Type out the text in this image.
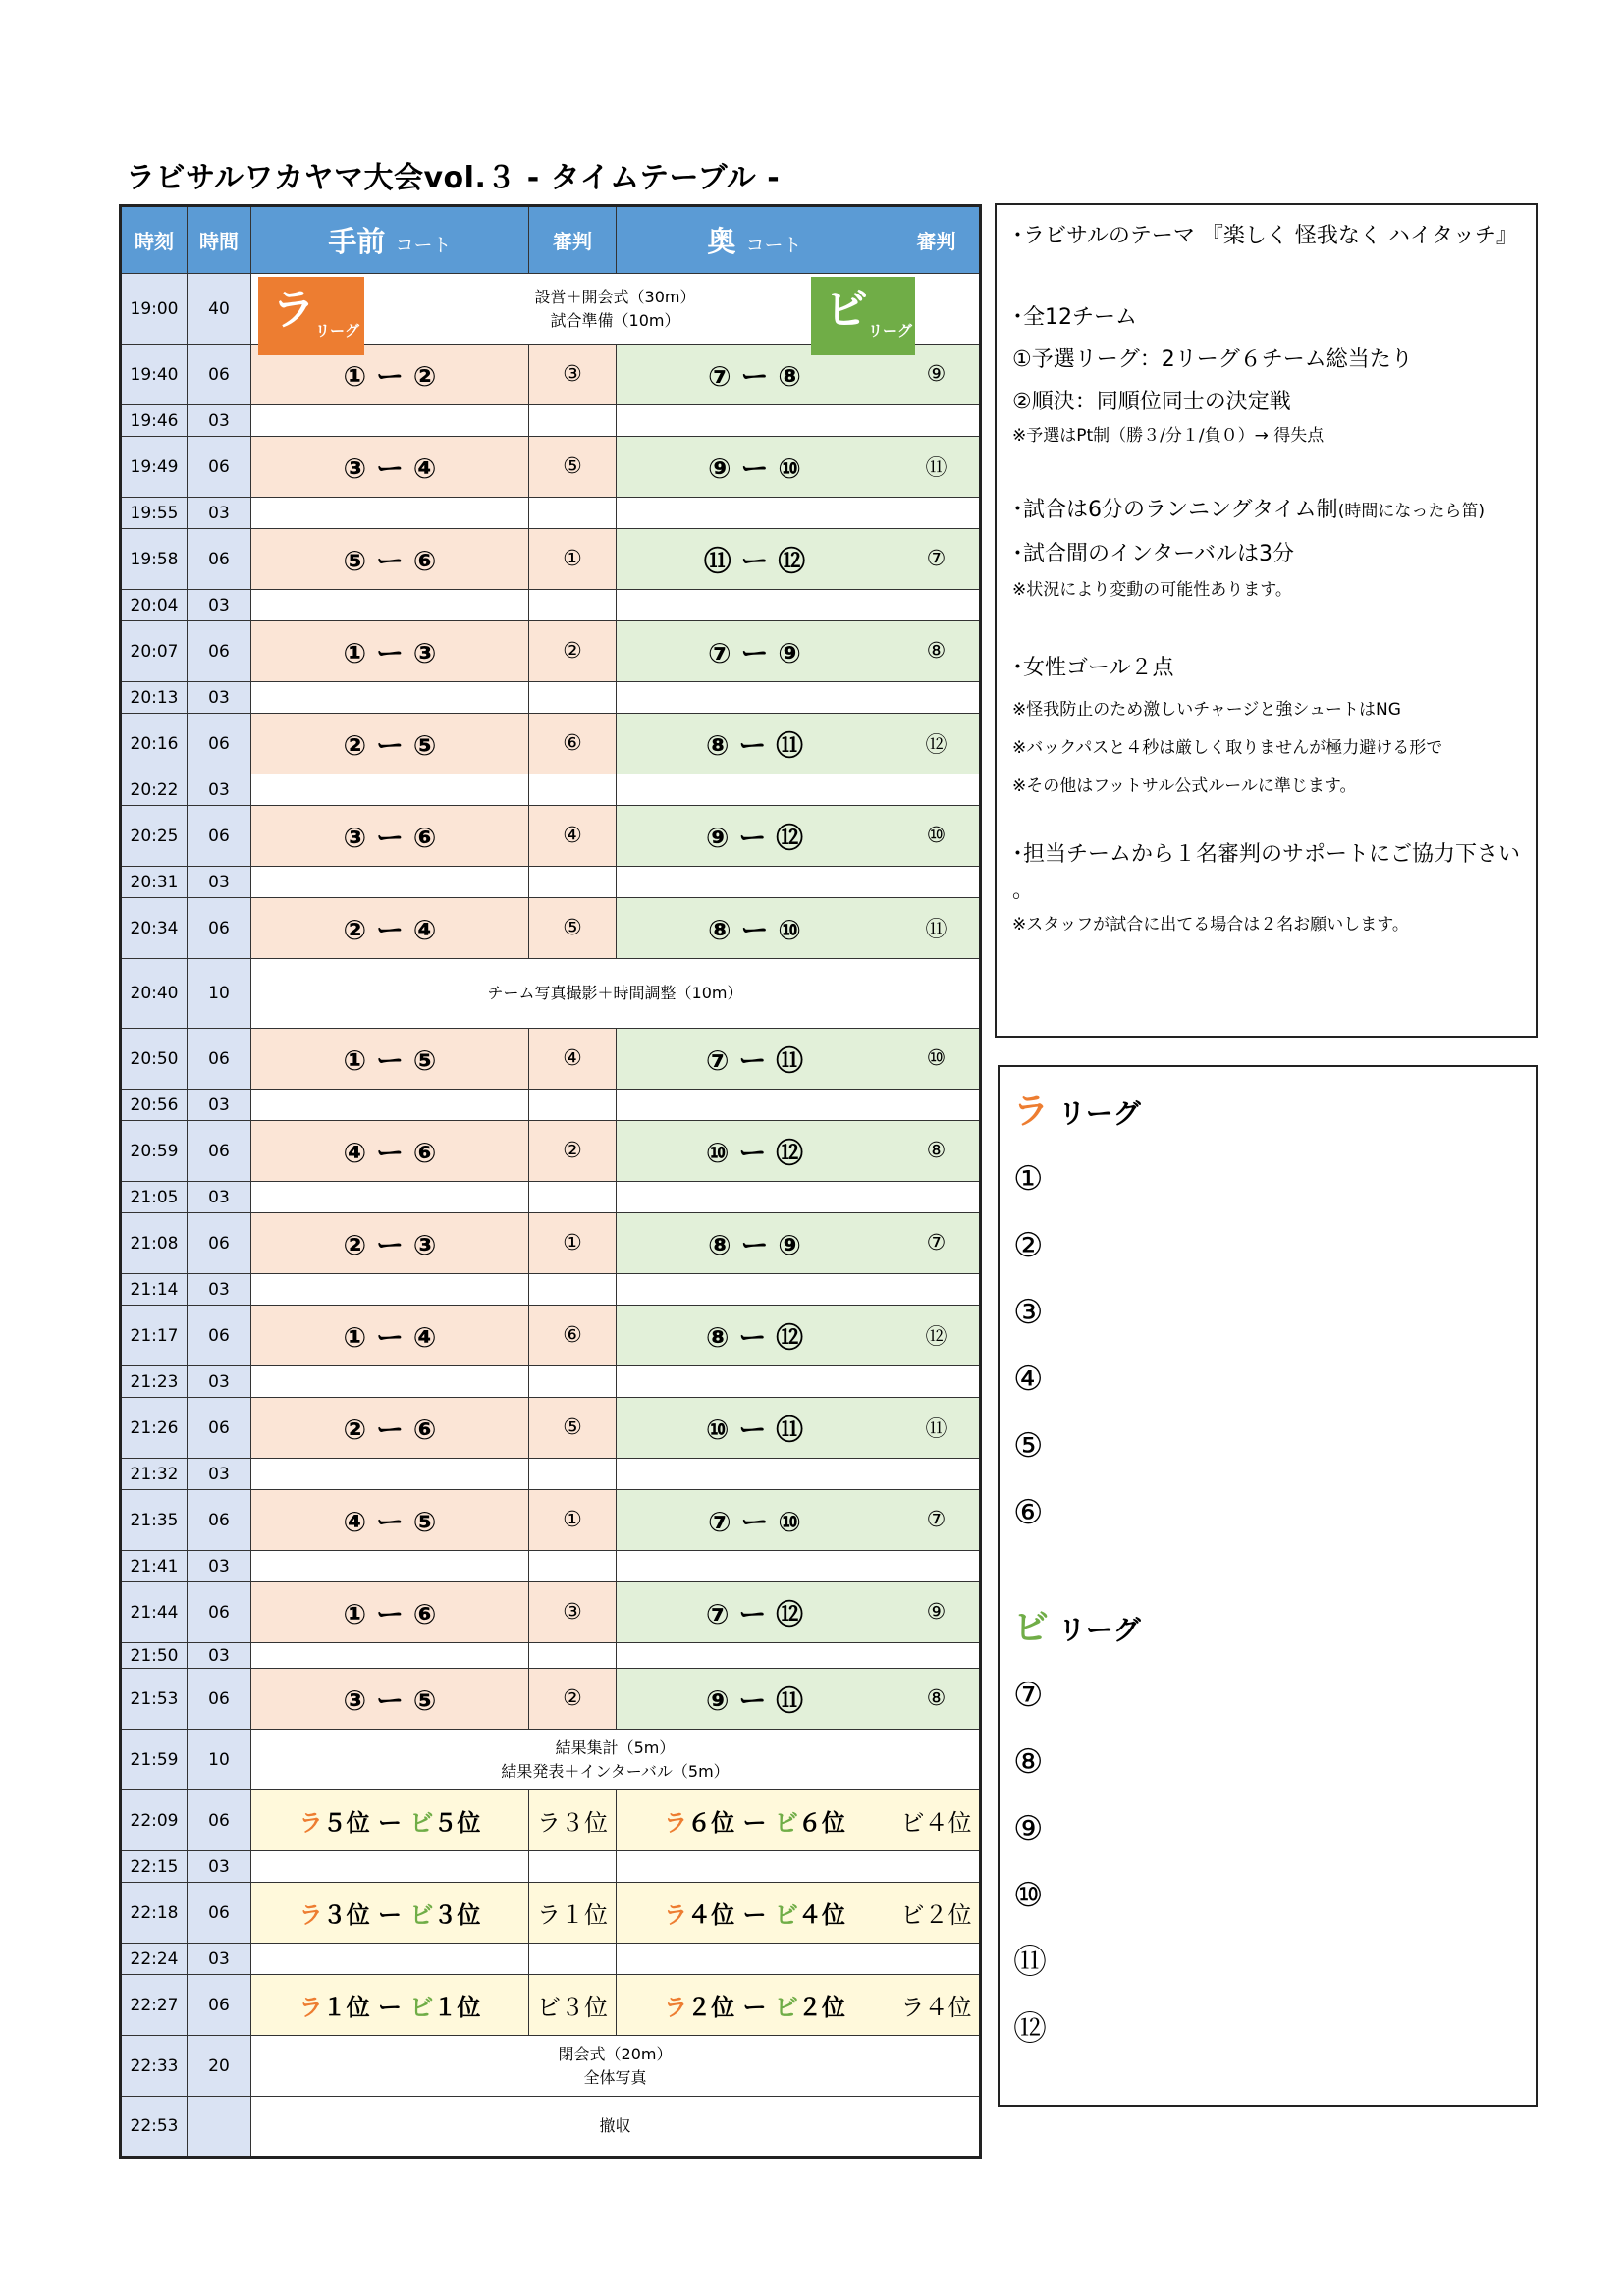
ラビサルワカヤマ大会vol.３ - タイムテーブル -
時刻	時間	手前 コート	審判	奥 コート	審判
19:00	40	設営＋開会式（30m）
試合準備（10m）			

19:40	06	① ー ②	③	⑦ ー ⑧	⑨
19:46	03				
19:49	06	③ ー ④	⑤	⑨ ー ⑩	⑪
19:55	03				
19:58	06	⑤ ー ⑥	①	⑪ ー ⑫	⑦
20:04	03				
20:07	06	① ー ③	②	⑦ ー ⑨	⑧
20:13	03				
20:16	06	② ー ⑤	⑥	⑧ ー ⑪	⑫
20:22	03				
20:25	06	③ ー ⑥	④	⑨ ー ⑫	⑩
20:31	03				
20:34	06	② ー ④	⑤	⑧ ー ⑩	⑪
20:40	10	チーム写真撮影＋時間調整（10m）			
20:50	06	① ー ⑤	④	⑦ ー ⑪	⑩
20:56	03				
20:59	06	④ ー ⑥	②	⑩ ー ⑫	⑧
21:05	03				
21:08	06	② ー ③	①	⑧ ー ⑨	⑦
21:14	03				
21:17	06	① ー ④	⑥	⑧ ー ⑫	⑫
21:23	03				
21:26	06	② ー ⑥	⑤	⑩ ー ⑪	⑪
21:32	03				
21:35	06	④ ー ⑤	①	⑦ ー ⑩	⑦
21:41	03				
21:44	06	① ー ⑥	③	⑦ ー ⑫	⑨
21:50	03				
21:53	06	③ ー ⑤	②	⑨ ー ⑪	⑧
21:59	10	結果集計（5m）
結果発表＋インターバル（5m）			

22:09	06	ラ５位 ー ビ５位	ラ３位	ラ６位 ー ビ６位	ビ４位
22:15	03				
22:18	06	ラ３位 ー ビ３位	ラ１位	ラ４位 ー ビ４位	ビ２位
22:24	03				
22:27	06	ラ１位 ー ビ１位	ビ３位	ラ２位 ー ビ２位	ラ４位
22:33	20	閉会式（20m）
全体写真			

22:53		撤収			
ラ リーグ	ビ リーグ

･ラビサルのテーマ 『楽しく 怪我なく ハイタッチ』

･全12チーム

①予選リーグ：2リーグ６チーム総当たり

②順決：同順位同士の決定戦

※予選はPt制（勝３/分１/負０）→ 得失点

･試合は6分のランニングタイム制(時間になったら笛)

･試合間のインターバルは3分

※状況により変動の可能性あります。

･女性ゴール２点

※怪我防止のため激しいチャージと強シュートはNG

※バックパスと４秒は厳しく取りませんが極力避ける形で

※その他はフットサル公式ルールに準じます。

･担当チームから１名審判のサポートにご協力下さい

。

※スタッフが試合に出てる場合は２名お願いします。

ラ リーグ
①
②
③
④
⑤
⑥
ビ リーグ
⑦
⑧
⑨
⑩
⑪
⑫
